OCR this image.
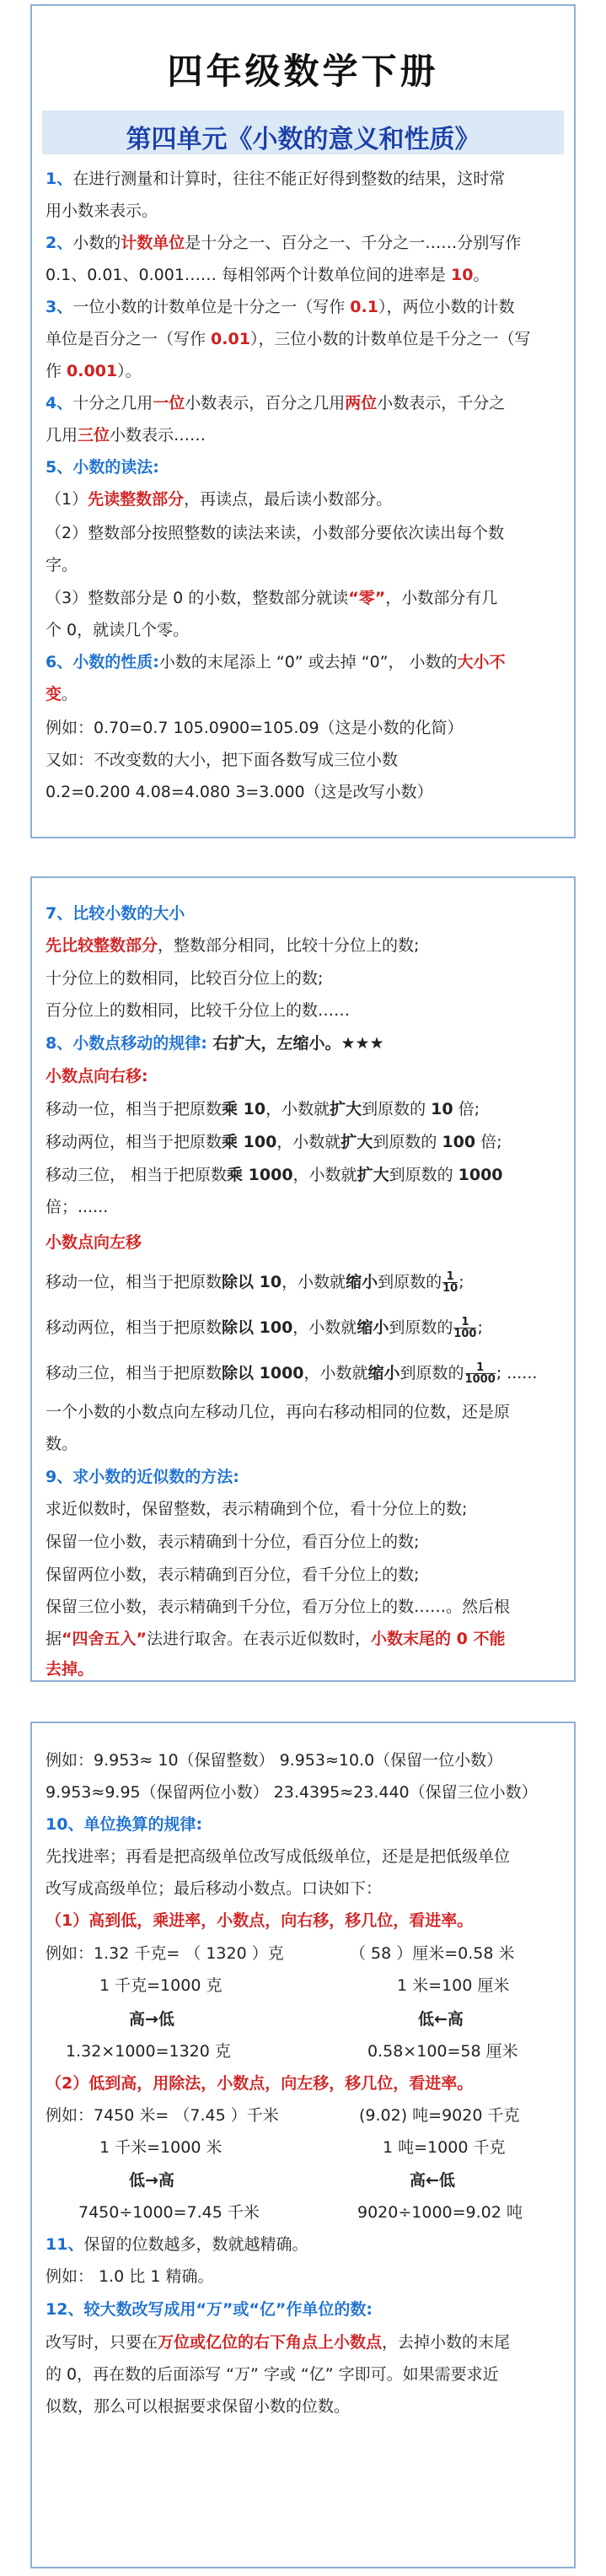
四年级数学下册
第四单元《小数的意义和性质》
1、在进行测量和计算时，往往不能正好得到整数的结果，这时常
用小数来表示。
2、小数的计数单位是十分之一、百分之一、千分之一……分别写作
0.1、0.01、0.001…… 每相邻两个计数单位间的进率是 10。
3、一位小数的计数单位是十分之一（写作 0.1），两位小数的计数
单位是百分之一（写作 0.01），三位小数的计数单位是千分之一（写
作 0.001）。
4、十分之几用一位小数表示，百分之几用两位小数表示，千分之
几用三位小数表示……
5、小数的读法:
（1）先读整数部分，再读点，最后读小数部分。
（2）整数部分按照整数的读法来读，小数部分要依次读出每个数
字。
（3）整数部分是 0 的小数，整数部分就读“零”，小数部分有几
个 0，就读几个零。
6、小数的性质:小数的末尾添上 “0” 或去掉 “0”， 小数的大小不
变。
例如：0.70=0.7 105.0900=105.09（这是小数的化简）
又如：不改变数的大小，把下面各数写成三位小数
0.2=0.200 4.08=4.080 3=3.000（这是改写小数）
7、比较小数的大小
先比较整数部分，整数部分相同，比较十分位上的数;
十分位上的数相同，比较百分位上的数;
百分位上的数相同，比较千分位上的数……
8、小数点移动的规律: 右扩大，左缩小。★★★
小数点向右移:
移动一位，相当于把原数乘 10，小数就扩大到原数的 10 倍;
移动两位，相当于把原数乘 100，小数就扩大到原数的 100 倍;
移动三位， 相当于把原数乘 1000，小数就扩大到原数的 1000
倍；......
小数点向左移
移动一位，相当于把原数除以 10，小数就缩小到原数的 $\frac{1}{10}$ ;
移动两位，相当于把原数除以 100，小数就缩小到原数的 $\frac{1}{100}$ ;
移动三位，相当于把原数除以 1000，小数就缩小到原数的 $\frac{1}{1000}$ ; ......
一个小数的小数点向左移动几位，再向右移动相同的位数，还是原
数。
9、求小数的近似数的方法:
求近似数时，保留整数，表示精确到个位，看十分位上的数;
保留一位小数，表示精确到十分位，看百分位上的数;
保留两位小数，表示精确到百分位，看千分位上的数;
保留三位小数，表示精确到千分位，看万分位上的数……。然后根
据“四舍五入”法进行取舍。在表示近似数时，小数末尾的 0 不能
去掉。
例如：9.953≈ 10（保留整数） 9.953≈10.0（保留一位小数）
9.953≈9.95（保留两位小数） 23.4395≈23.440（保留三位小数）
10、单位换算的规律:
先找进率；再看是把高级单位改写成低级单位，还是是把低级单位
改写成高级单位；最后移动小数点。口诀如下：
（1）高到低，乘进率，小数点，向右移，移几位，看进率。
例如：1.32 千克= （ 1320 ）克	（ 58 ）厘米=0.58 米
1 千克=1000 克	1 米=100 厘米
高→低	低←高
1.32×1000=1320 克	0.58×100=58 厘米
（2）低到高，用除法，小数点，向左移，移几位，看进率。
例如：7450 米= （7.45 ）千米	(9.02) 吨=9020 千克
1 千米=1000 米	1 吨=1000 千克
低→高	高←低
7450÷1000=7.45 千米	9020÷1000=9.02 吨
11、保留的位数越多，数就越精确。
例如： 1.0 比 1 精确。
12、较大数改写成用“万”或“亿”作单位的数:
改写时，只要在万位或亿位的右下角点上小数点，去掉小数的末尾
的 0，再在数的后面添写 “万” 字或 “亿” 字即可。如果需要求近
似数，那么可以根据要求保留小数的位数。
